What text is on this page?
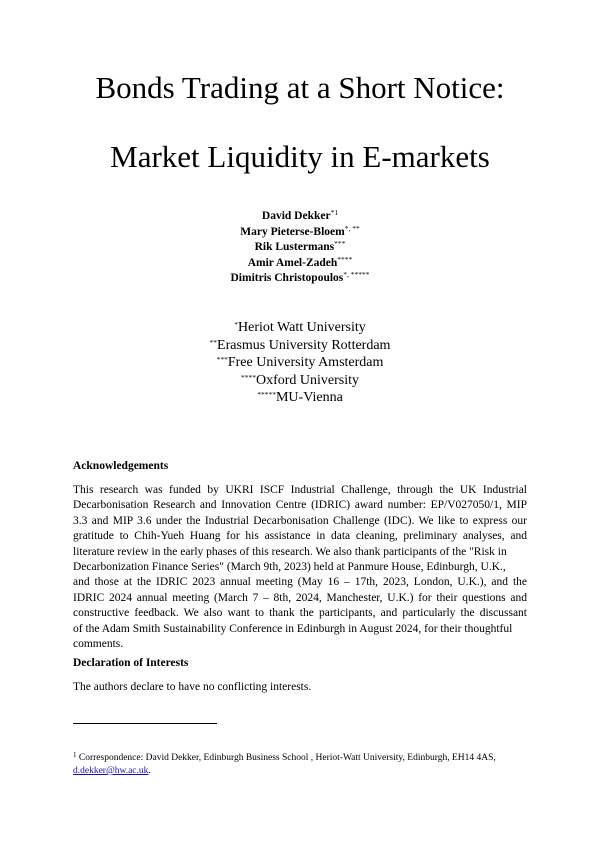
Bonds Trading at a Short Notice:
Market Liquidity in E-markets
David Dekker$^{*1}$
Mary Pieterse-Bloem*, **
Rik Lustermans***
Amir Amel-Zadeh****
Dimitris Christopoulos*, *****
*Heriot Watt University
**Erasmus University Rotterdam
***Free University Amsterdam
****Oxford University
*****MU-Vienna
Acknowledgements
This research was funded by UKRI ISCF Industrial Challenge, through the UK Industrial
Decarbonisation Research and Innovation Centre (IDRIC) award number: EP/V027050/1, MIP
3.3 and MIP 3.6 under the Industrial Decarbonisation Challenge (IDC). We like to express our
gratitude to Chih-Yueh Huang for his assistance in data cleaning, preliminary analyses, and
literature review in the early phases of this research. We also thank participants of the "Risk in
Decarbonization Finance Series" (March 9th, 2023) held at Panmure House, Edinburgh, U.K.,
and those at the IDRIC 2023 annual meeting (May 16 – 17th, 2023, London, U.K.), and the
IDRIC 2024 annual meeting (March 7 – 8th, 2024, Manchester, U.K.) for their questions and
constructive feedback. We also want to thank the participants, and particularly the discussant
of the Adam Smith Sustainability Conference in Edinburgh in August 2024, for their thoughtful
comments.
Declaration of Interests
The authors declare to have no conflicting interests.
$^1$ Correspondence: David Dekker, Edinburgh Business School , Heriot-Watt University, Edinburgh, EH14 4AS,
d.dekker@hw.ac.uk.
